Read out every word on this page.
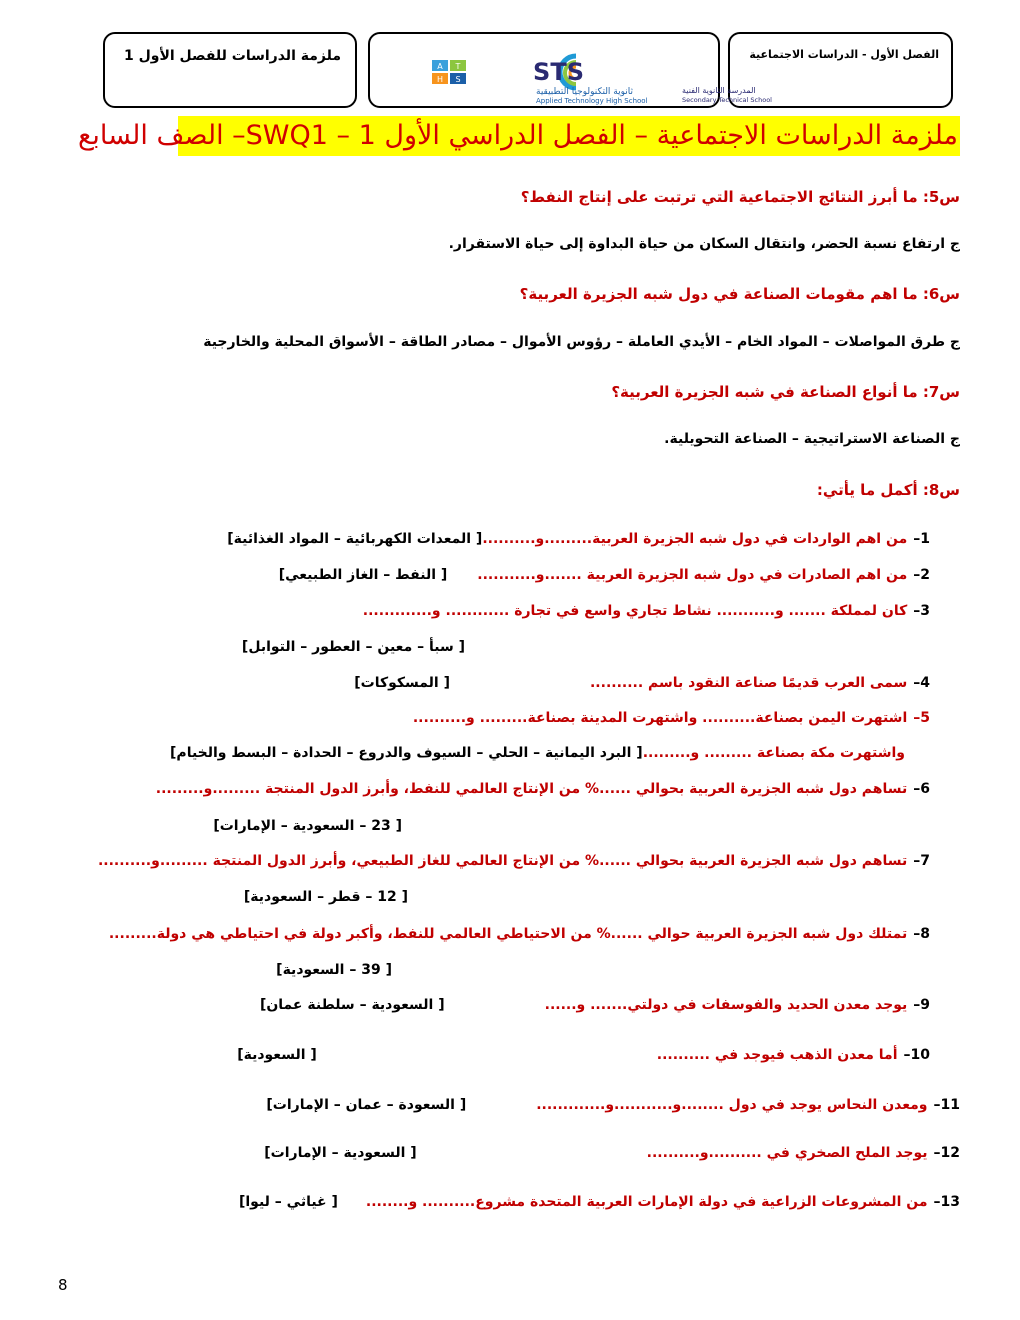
الفصل الأول - الدراسات الاجتماعية
ملزمة الدراسات للفصل الأول 1
STS
المدرسة الثانوية الفنية
Secondary Technical School
A T
H S
ثانوية التكنولوجيا التطبيقية
Applied Technology High School
ملزمة الدراسات الاجتماعية – الفصل الدراسي الأول 1 – SWQ1– الصف السابع
س5: ما أبرز النتائج الاجتماعية التي ترتبت على إنتاج النفط؟
ج ارتفاع نسبة الحضر، وانتقال السكان من حياة البداوة إلى حياة الاستقرار.
س6: ما اهم مقومات الصناعة في دول شبه الجزيرة العربية؟
ج طرق المواصلات – المواد الخام – الأيدي العاملة – رؤوس الأموال – مصادر الطاقة – الأسواق المحلية والخارجية
س7: ما أنواع الصناعة في شبه الجزيرة العربية؟
ج الصناعة الاستراتيجية – الصناعة التحويلية.
س8: أكمل ما يأتي:
1–من اهم الواردات في دول شبه الجزيرة العربية.........و..........[ المعدات الكهربائية – المواد الغذائية]
2–من اهم الصادرات في دول شبه الجزيرة العربية .......و...........[ النفط – الغاز الطبيعي]
3–كان لمملكة ....... و........... نشاط تجاري واسع في تجارة ............ و.............
[ سبأ – معين – العطور – التوابل]
4–سمى العرب قديمًا صناعة النقود باسم ..........[ المسكوكات]
5–اشتهرت اليمن بصناعة.......... واشتهرت المدينة بصناعة......... و..........
واشتهرت مكة بصناعة ......... و.........[ البرد اليمانية – الحلي – السيوف والدروع – الحدادة – البسط والخيام]
6–تساهم دول شبه الجزيرة العربية بحوالي ......% من الإنتاج العالمي للنفط، وأبرز الدول المنتجة .........و.........
[ 23 – السعودية – الإمارات]
7–تساهم دول شبه الجزيرة العربية بحوالي ......% من الإنتاج العالمي للغاز الطبيعي، وأبرز الدول المنتجة .........و..........
[ 12 – قطر – السعودية]
8–تمتلك دول شبه الجزيرة العربية حوالي ......% من الاحتياطي العالمي للنفط، وأكبر دولة في احتياطي هي دولة.........
[ 39 – السعودية]
9–يوجد معدن الحديد والفوسفات في دولتي....... و......[ السعودية – سلطنة عمان]
10–أما معدن الذهب فيوجد في ..........[ السعودية]
11–ومعدن النحاس يوجد في دول ........و...........و.............[ السعودة – عمان – الإمارات]
12–يوجد الملح الصخري في ..........و..........[ السعودية – الإمارات]
13–من المشروعات الزراعية في دولة الإمارات العربية المتحدة مشروع.......... و........[ غياثي – ليوا]
8
